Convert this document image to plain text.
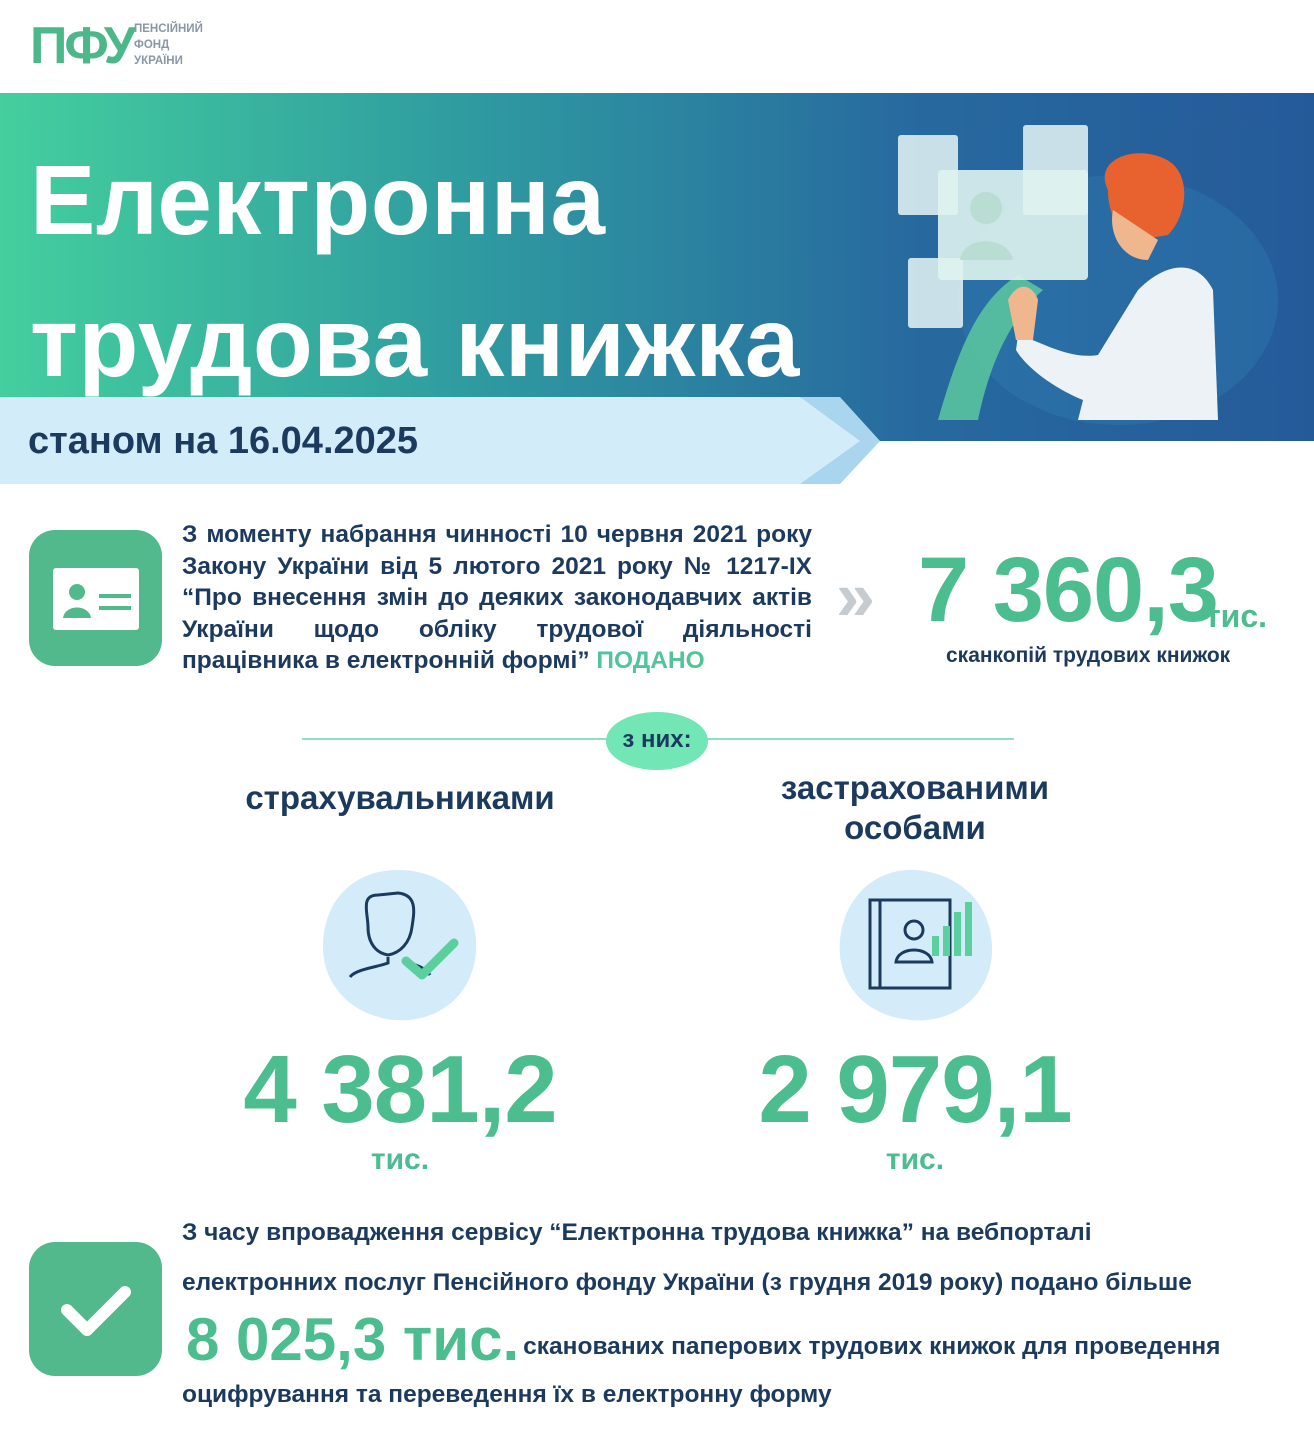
ПФУ ПЕНСІЙНИЙ
ФОНД
УКРАЇНИ
Електронна
трудова книжка
станом на 16.04.2025
З моменту набрання чинності 10 червня 2021 року Закону України від 5 лютого 2021 року № 1217-ІХ “Про внесення змін до деяких законодавчих актів України щодо обліку трудової діяльності працівника в електронній формі” ПОДАНО
» 7 360,3
тис.
сканкопій трудових книжок
з них:
страхувальниками
4 381,2
тис.
застрахованими
особами
2 979,1
тис.
З часу впровадження сервісу “Електронна трудова книжка” на вебпорталі
електронних послуг Пенсійного фонду України (з грудня 2019 року) подано більше
8 025,3 тис. сканованих паперових трудових книжок для проведення
оцифрування та переведення їх в електронну форму
